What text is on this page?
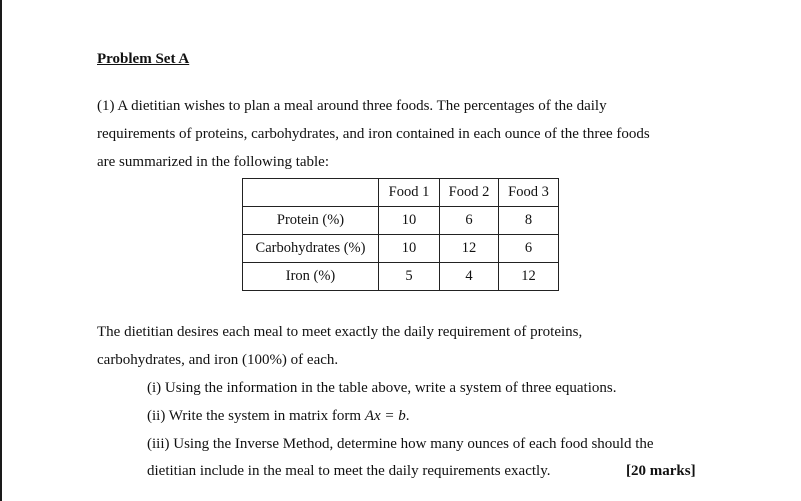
Problem Set A
(1) A dietitian wishes to plan a meal around three foods. The percentages of the daily
requirements of proteins, carbohydrates, and iron contained in each ounce of the three foods
are summarized in the following table:
	Food 1	Food 2	Food 3
Protein (%)	10	6	8
Carbohydrates (%)	10	12	6
Iron (%)	5	4	12
The dietitian desires each meal to meet exactly the daily requirement of proteins,
carbohydrates, and iron (100%) of each.
(i) Using the information in the table above, write a system of three equations.
(ii) Write the system in matrix form Ax = b.
(iii) Using the Inverse Method, determine how many ounces of each food should the
dietitian include in the meal to meet the daily requirements exactly.	[20 marks]
